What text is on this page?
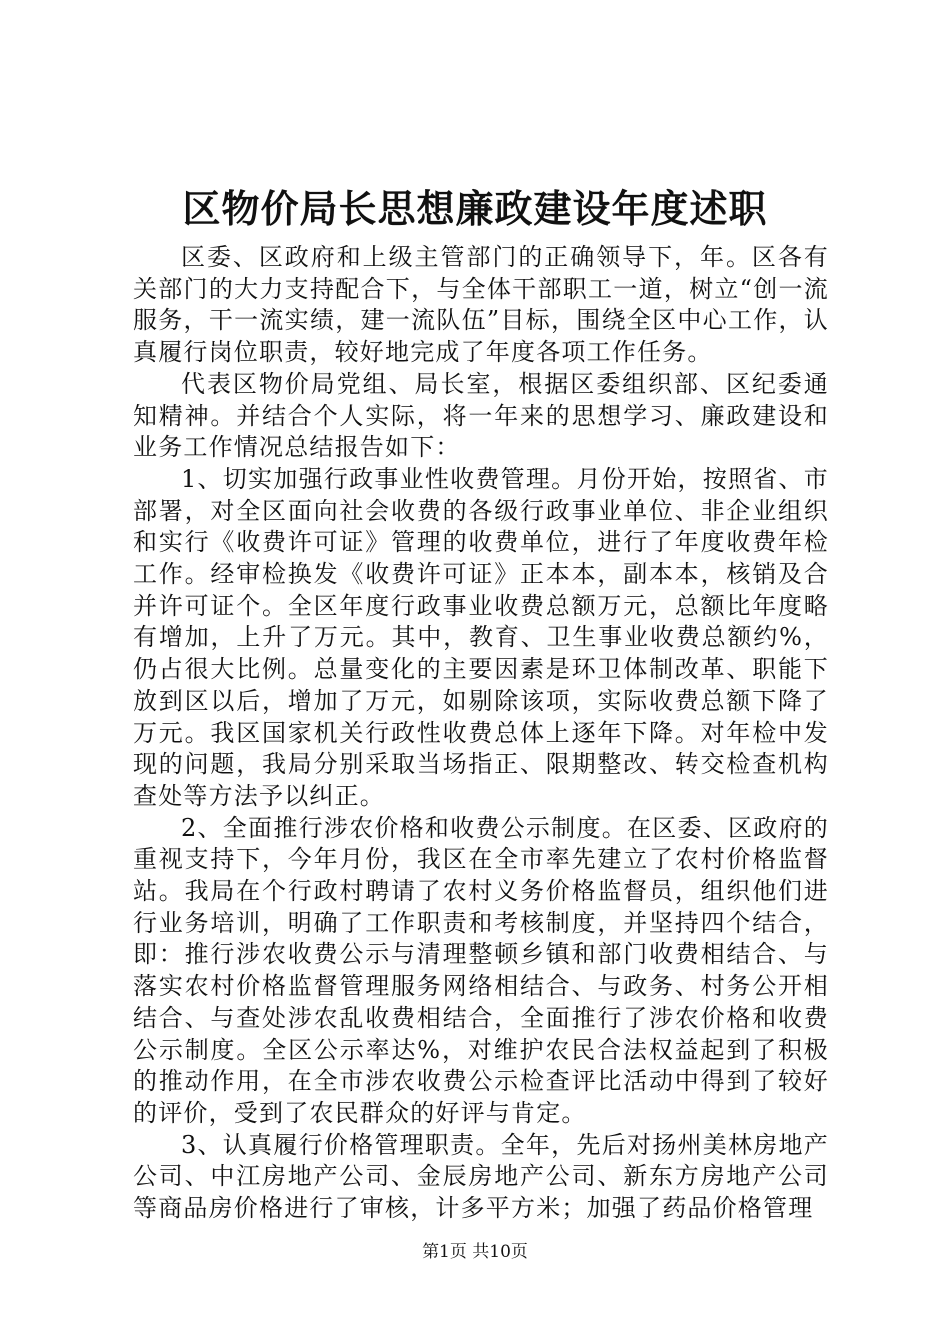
区物价局长思想廉政建设年度述职

区委、区政府和上级主管部门的正确领导下，年。区各有关部门的大力支持配合下，与全体干部职工一道，树立“创一流服务，干一流实绩，建一流队伍”目标，围绕全区中心工作，认真履行岗位职责，较好地完成了年度各项工作任务。

代表区物价局党组、局长室，根据区委组织部、区纪委通知精神。并结合个人实际，将一年来的思想学习、廉政建设和业务工作情况总结报告如下：

1、切实加强行政事业性收费管理。月份开始，按照省、市部署，对全区面向社会收费的各级行政事业单位、非企业组织和实行《收费许可证》管理的收费单位，进行了年度收费年检工作。经审检换发《收费许可证》正本本，副本本，核销及合并许可证个。全区年度行政事业收费总额万元，总额比年度略有增加，上升了万元。其中，教育、卫生事业收费总额约%，仍占很大比例。总量变化的主要因素是环卫体制改革、职能下放到区以后，增加了万元，如剔除该项，实际收费总额下降了万元。我区国家机关行政性收费总体上逐年下降。对年检中发现的问题，我局分别采取当场指正、限期整改、转交检查机构查处等方法予以纠正。

2、全面推行涉农价格和收费公示制度。在区委、区政府的重视支持下，今年月份，我区在全市率先建立了农村价格监督站。我局在个行政村聘请了农村义务价格监督员，组织他们进行业务培训，明确了工作职责和考核制度，并坚持四个结合，即：推行涉农收费公示与清理整顿乡镇和部门收费相结合、与落实农村价格监督管理服务网络相结合、与政务、村务公开相结合、与查处涉农乱收费相结合，全面推行了涉农价格和收费公示制度。全区公示率达%，对维护农民合法权益起到了积极的推动作用，在全市涉农收费公示检查评比活动中得到了较好的评价，受到了农民群众的好评与肯定。

3、认真履行价格管理职责。全年，先后对扬州美林房地产公司、中江房地产公司、金辰房地产公司、新东方房地产公司等商品房价格进行了审核，计多平方米；加强了药品价格管理

第1页 共10页
